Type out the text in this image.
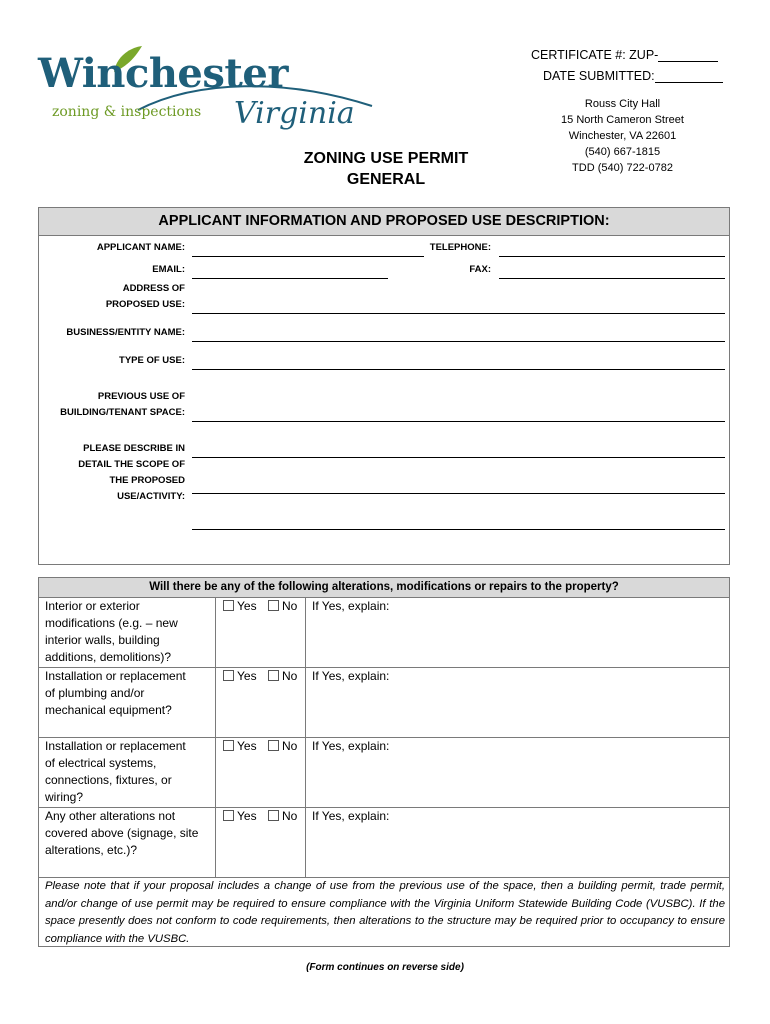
Winchester
zoning & inspections Virginia
CERTIFICATE #: ZUP-
DATE SUBMITTED:
Rouss City Hall
15 North Cameron Street
Winchester, VA 22601
(540) 667-1815
TDD (540) 722-0782
ZONING USE PERMIT
GENERAL
APPLICANT INFORMATION AND PROPOSED USE DESCRIPTION:
APPLICANT NAME:	TELEPHONE:
EMAIL:	FAX:
ADDRESS OF
PROPOSED USE:
BUSINESS/ENTITY NAME:
TYPE OF USE:
PREVIOUS USE OF
BUILDING/TENANT SPACE:
PLEASE DESCRIBE IN
DETAIL THE SCOPE OF
THE PROPOSED
USE/ACTIVITY:
Will there be any of the following alterations, modifications or repairs to the property?
Interior or exterior
modifications (e.g. – new
interior walls, building
additions, demolitions)?
Yes	No If Yes, explain:
Installation or replacement
of plumbing and/or
mechanical equipment?
Yes	No If Yes, explain:
Installation or replacement
of electrical systems,
connections, fixtures, or
wiring?
Yes	No If Yes, explain:
Any other alterations not
covered above (signage, site
alterations, etc.)?
Yes	No If Yes, explain:
Please note that if your proposal includes a change of use from the previous use of the space, then a building permit, trade permit, and/or change of use permit may be required to ensure compliance with the Virginia Uniform Statewide Building Code (VUSBC). If the space presently does not conform to code requirements, then alterations to the structure may be required prior to occupancy to ensure compliance with the VUSBC.
(Form continues on reverse side)
